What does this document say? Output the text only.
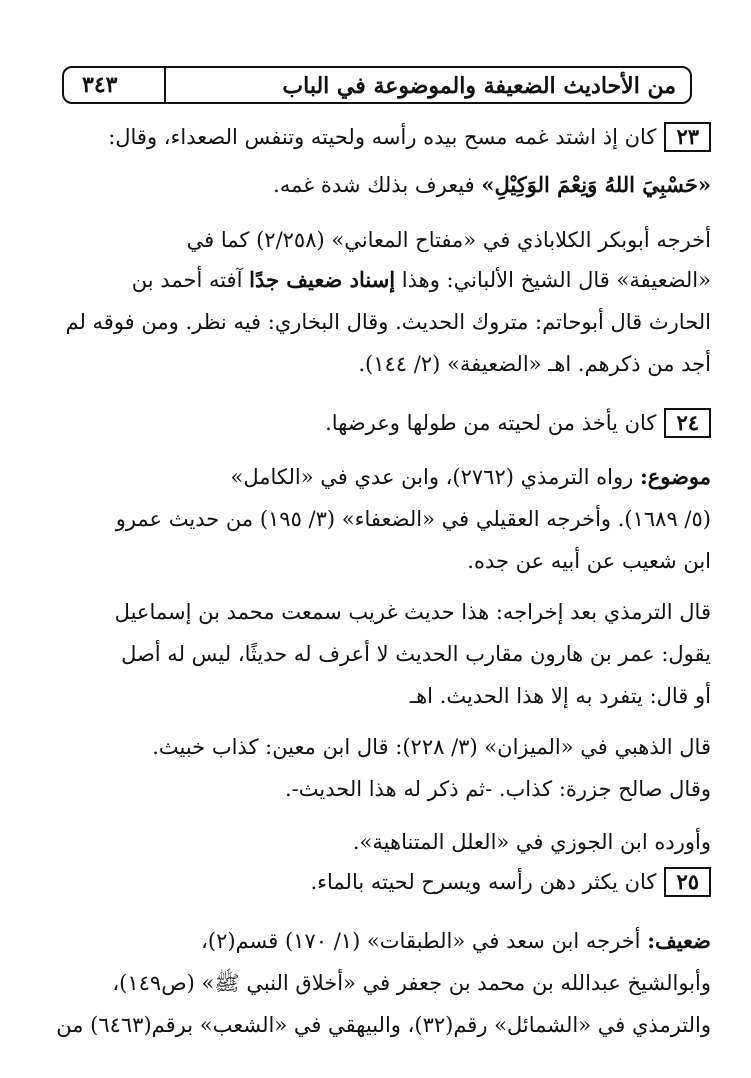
٣٤٣	من الأحاديث الضعيفة والموضوعة في الباب
٢٣كان إذ اشتد غمه مسح بيده رأسه ولحيته وتنفس الصعداء، وقال:
«حَسْبِيَ اللهُ وَنِعْمَ الوَكِيْلِ» فيعرف بذلك شدة غمه.
أخرجه أبوبكر الكلاباذي في «مفتاح المعاني» (٢/٢٥٨) كما في
«الضعيفة» قال الشيخ الألباني: وهذا إسناد ضعيف جدًا آفته أحمد بن
الحارث قال أبوحاتم: متروك الحديث. وقال البخاري: فيه نظر. ومن فوقه لم
أجد من ذكرهم. اهـ «الضعيفة» (٢/ ١٤٤).
٢٤كان يأخذ من لحيته من طولها وعرضها.
موضوع: رواه الترمذي (٢٧٦٢)، وابن عدي في «الكامل»
(٥/ ١٦٨٩). وأخرجه العقيلي في «الضعفاء» (٣/ ١٩٥) من حديث عمرو
ابن شعيب عن أبيه عن جده.
قال الترمذي بعد إخراجه: هذا حديث غريب سمعت محمد بن إسماعيل
يقول: عمر بن هارون مقارب الحديث لا أعرف له حديثًا، ليس له أصل
أو قال: يتفرد به إلا هذا الحديث. اهـ
قال الذهبي في «الميزان» (٣/ ٢٢٨): قال ابن معين: كذاب خبيث.
وقال صالح جزرة: كذاب. -ثم ذكر له هذا الحديث-.
وأورده ابن الجوزي في «العلل المتناهية».
٢٥كان يكثر دهن رأسه ويسرح لحيته بالماء.
ضعيف: أخرجه ابن سعد في «الطبقات» (١/ ١٧٠) قسم(٢)،
وأبوالشيخ عبدالله بن محمد بن جعفر في «أخلاق النبي ﷺ» (ص١٤٩)،
والترمذي في «الشمائل» رقم(٣٢)، والبيهقي في «الشعب» برقم(٦٤٦٣) من
